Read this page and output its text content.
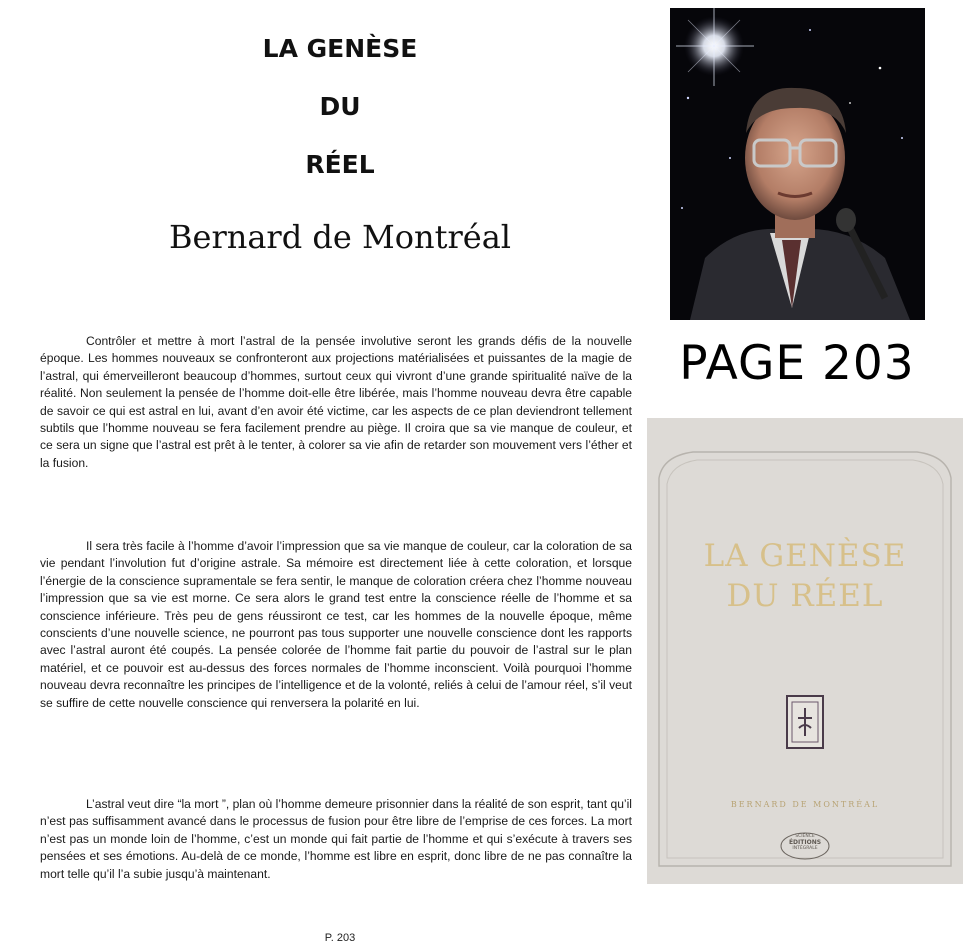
LA GENÈSE
DU
RÉEL
Bernard de Montréal

Contrôler et mettre à mort l’astral de la pensée involutive seront les grands défis de la nouvelle époque. Les hommes nouveaux se confronteront aux projections matérialisées et puissantes de la magie de l’astral, qui émerveilleront beaucoup d’hommes, surtout ceux qui vivront d’une grande spiritualité naïve de la réalité. Non seulement la pensée de l’homme doit-elle être libérée, mais l’homme nouveau devra être capable de savoir ce qui est astral en lui, avant d’en avoir été victime, car les aspects de ce plan deviendront tellement subtils que l’homme nouveau se fera facilement prendre au piège. Il croira que sa vie manque de couleur, et ce sera un signe que l’astral est prêt à le tenter, à colorer sa vie afin de retarder son mouvement vers l’éther et la fusion.

Il sera très facile à l’homme d’avoir l’impression que sa vie manque de couleur, car la coloration de sa vie pendant l’involution fut d’origine astrale. Sa mémoire est directement liée à cette coloration, et lorsque l’énergie de la conscience supramentale se fera sentir, le manque de coloration créera chez l’homme nouveau l’impression que sa vie est morne. Ce sera alors le grand test entre la conscience réelle de l’homme et sa conscience inférieure. Très peu de gens réussiront ce test, car les hommes de la nouvelle époque, même conscients d’une nouvelle science, ne pourront pas tous supporter une nouvelle conscience dont les rapports avec l’astral auront été coupés. La pensée colorée de l’homme fait partie du pouvoir de l’astral sur le plan matériel, et ce pouvoir est au-dessus des forces normales de l’homme inconscient. Voilà pourquoi l’homme nouveau devra reconnaître les principes de l’intelligence et de la volonté, reliés à celui de l’amour réel, s’il veut se suffire de cette nouvelle conscience qui renversera la polarité en lui.

L’astral veut dire “la mort ”, plan où l’homme demeure prisonnier dans la réalité de son esprit, tant qu’il n’est pas suffisamment avancé dans le processus de fusion pour être libre de l’emprise de ces forces. La mort n’est pas un monde loin de l’homme, c’est un monde qui fait partie de l’homme et qui s’exécute à travers ses pensées et ses émotions. Au-delà de ce monde, l’homme est libre en esprit, donc libre de ne pas connaître la mort telle qu’il l’a subie jusqu’à maintenant.

P. 203
PAGE 203
LA GENÈSE
DU RÉEL
BERNARD DE MONTRÉAL
SCIENCE
ÉDITIONS
INTÉGRALE
